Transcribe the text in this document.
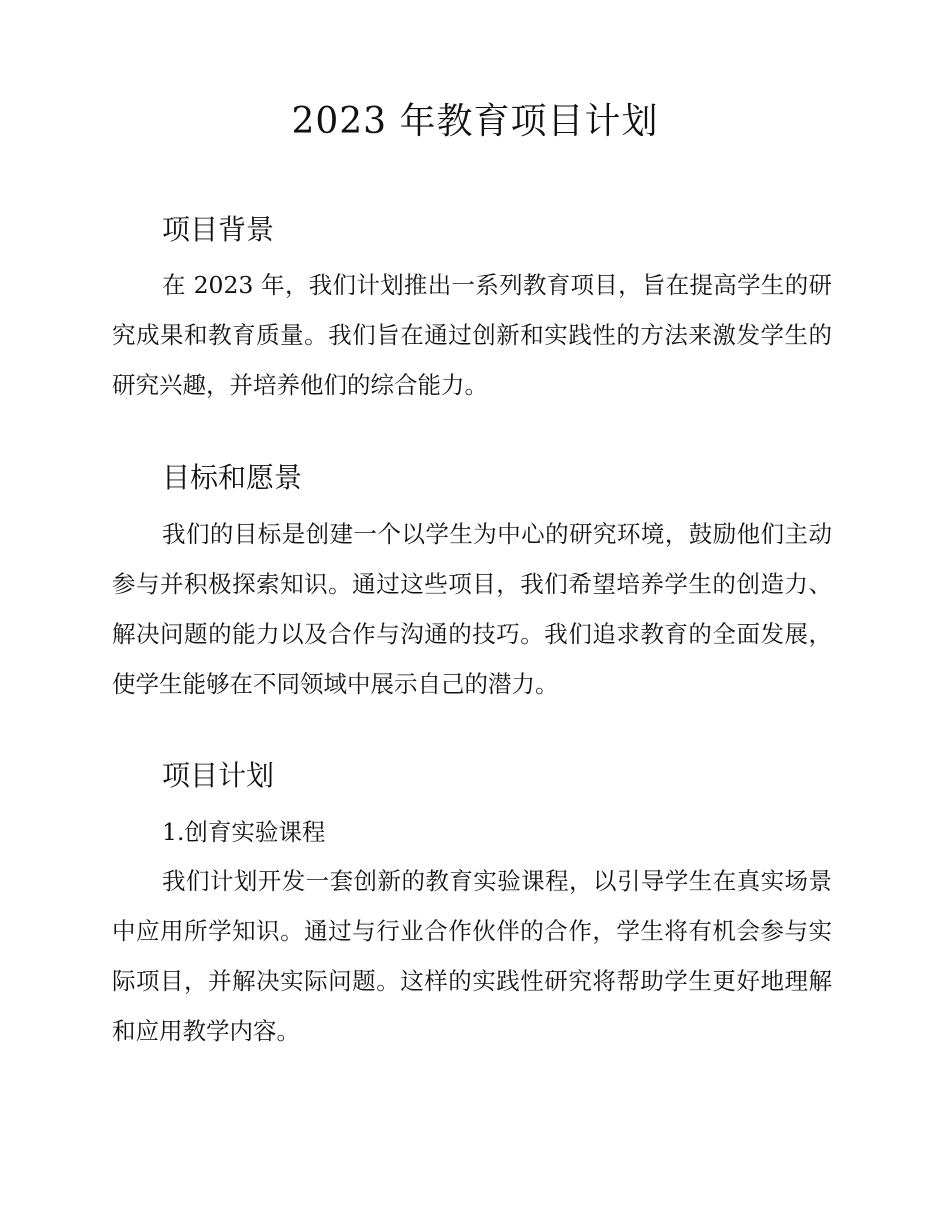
2023 年教育项目计划
项目背景

在 2023 年，我们计划推出一系列教育项目，旨在提高学生的研究成果和教育质量。我们旨在通过创新和实践性的方法来激发学生的研究兴趣，并培养他们的综合能力。

目标和愿景

我们的目标是创建一个以学生为中心的研究环境，鼓励他们主动参与并积极探索知识。通过这些项目，我们希望培养学生的创造力、解决问题的能力以及合作与沟通的技巧。我们追求教育的全面发展，使学生能够在不同领域中展示自己的潜力。

项目计划
1.创育实验课程

我们计划开发一套创新的教育实验课程，以引导学生在真实场景中应用所学知识。通过与行业合作伙伴的合作，学生将有机会参与实际项目，并解决实际问题。这样的实践性研究将帮助学生更好地理解和应用教学内容。
